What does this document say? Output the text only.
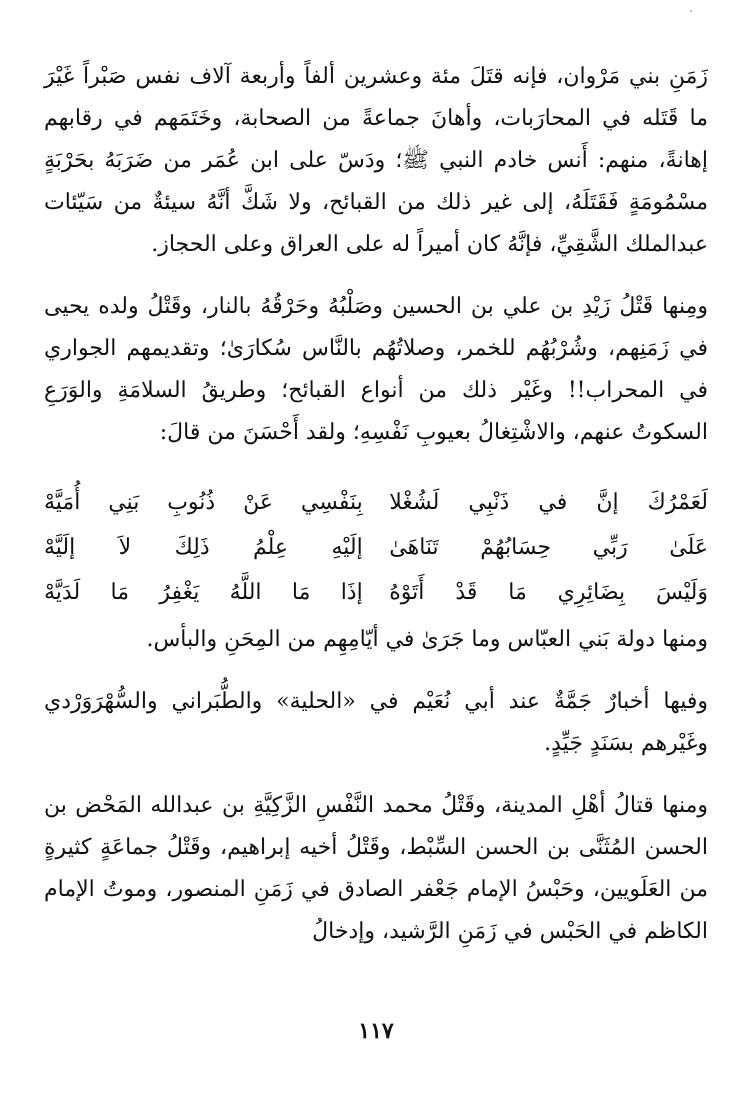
زَمَنِ بني مَرْوان، فإنه قتَلَ مئة وعشرين ألفاً وأربعة آلاف نفس صَبْراً غَيْرَ ما قَتَله في المحارَبات، وأهانَ جماعةً من الصحابة، وخَتَمَهم في رقابهم إهانةً، منهم: أَنس خادم النبي ﷺ؛ ودَسّ على ابن عُمَر من ضَرَبَهُ بحَرْبَةٍ مسْمُومَةٍ فَقَتَلَهُ، إلى غير ذلك من القبائح، ولا شَكَّ أنَّهُ سيئةٌ من سَيّئات عبدالملك الشَّقِيِّ، فإنَّهُ كان أميراً له على العراق وعلى الحجاز.

ومِنها قَتْلُ زَيْدِ بن علي بن الحسين وصَلْبُهُ وحَرْقُهُ بالنار، وقَتْلُ ولده يحيى في زَمَنِهم، وشُرْبُهُم للخمر، وصلاتُهُم بالنَّاس سُكارَىٰ؛ وتقديمهم الجواري في المحراب!! وغَيْر ذلك من أنواع القبائح؛ وطريقُ السلامَةِ والوَرَعِ السكوتُ عنهم، والاشْتِغالُ بعيوبِ نَفْسِهِ؛ ولقد أَحْسَنَ من قالَ:

لَعَمْرُكَ إنَّ في ذَنْبِي لَشُغْلا
بِنَفْسِي عَنْ ذُنُوبِ بَنِي أُمَيَّهْ
عَلَىٰ رَبِّي حِسَابُهُمْ تَنَاهَىٰ
إلَيْهِ عِلْمُ ذَلِكَ لاَ إلَيَّهْ
وَلَيْسَ بِضَائِرِي مَا قَدْ أَتَوْهُ
إذَا مَا اللَّهُ يَغْفِرُ مَا لَدَيَّهْ

ومنها دولة بَني العبّاس وما جَرَىٰ في أيّامِهِم من المِحَنِ والبأس.

وفيها أخبارٌ جَمَّةٌ عند أبي نُعَيْم في «الحلية» والطُّبَراني والسُّهْرَوَرْدي وغَيْرهم بسَنَدٍ جَيِّدٍ.

ومنها قتالُ أهْلِ المدينة، وقَتْلُ محمد النَّفْسِ الزَّكِيَّةِ بن عبدالله المَحْض بن الحسن المُثَنَّى بن الحسن السِّبْط، وقَتْلُ أخيه إبراهيم، وقَتْلُ جماعَةٍ كثيرةٍ من العَلَويين، وحَبْسُ الإمام جَعْفر الصادق في زَمَنِ المنصور، وموتُ الإمام الكاظم في الحَبْس في زَمَنِ الرَّشيد، وإدخالُ

١١٧
